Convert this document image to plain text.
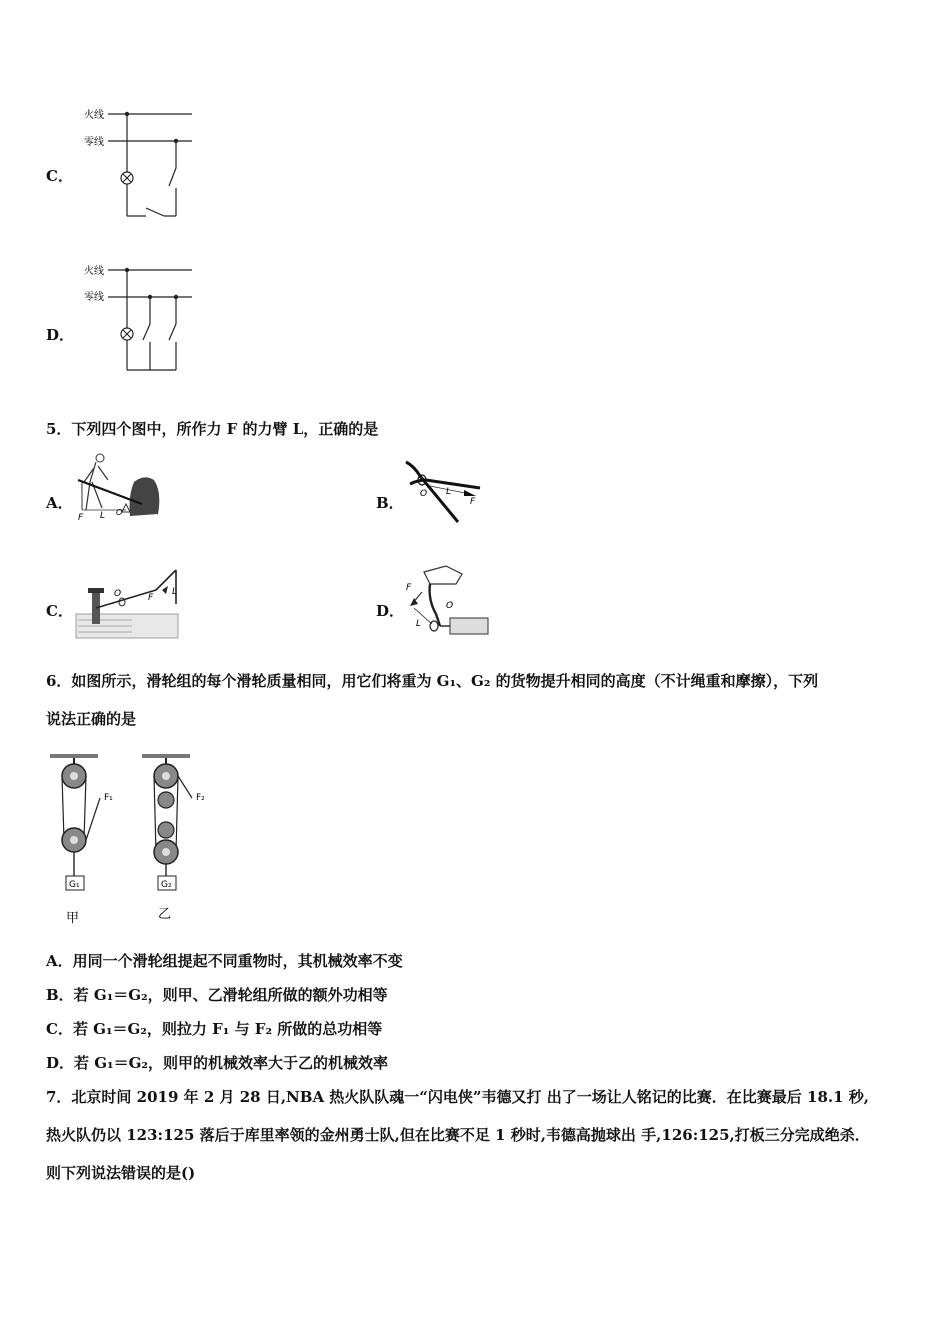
C．
火线
零线
D．
火线
零线
5．下列四个图中，所作力 F 的力臂 L，正确的是
A．
F L O
B． O L
F
C．
O	F
L
D．
F
O
L
6．如图所示，滑轮组的每个滑轮质量相同，用它们将重为 G₁、G₂ 的货物提升相同的高度（不计绳重和摩擦），下列
说法正确的是
G₁
F₁
甲
G₂
F₂
乙
A．用同一个滑轮组提起不同重物时，其机械效率不变
B．若 G₁＝G₂，则甲、乙滑轮组所做的额外功相等
C．若 G₁＝G₂，则拉力 F₁ 与 F₂ 所做的总功相等
D．若 G₁＝G₂，则甲的机械效率大于乙的机械效率
7．北京时间 2019 年 2 月 28 日,NBA 热火队队魂一“闪电侠”韦德又打 出了一场让人铭记的比赛．在比赛最后 18.1 秒,
热火队仍以 123:125 落后于库里率领的金州勇士队,但在比赛不足 1 秒时,韦德高抛球出 手,126:125,打板三分完成绝杀．
则下列说法错误的是()
